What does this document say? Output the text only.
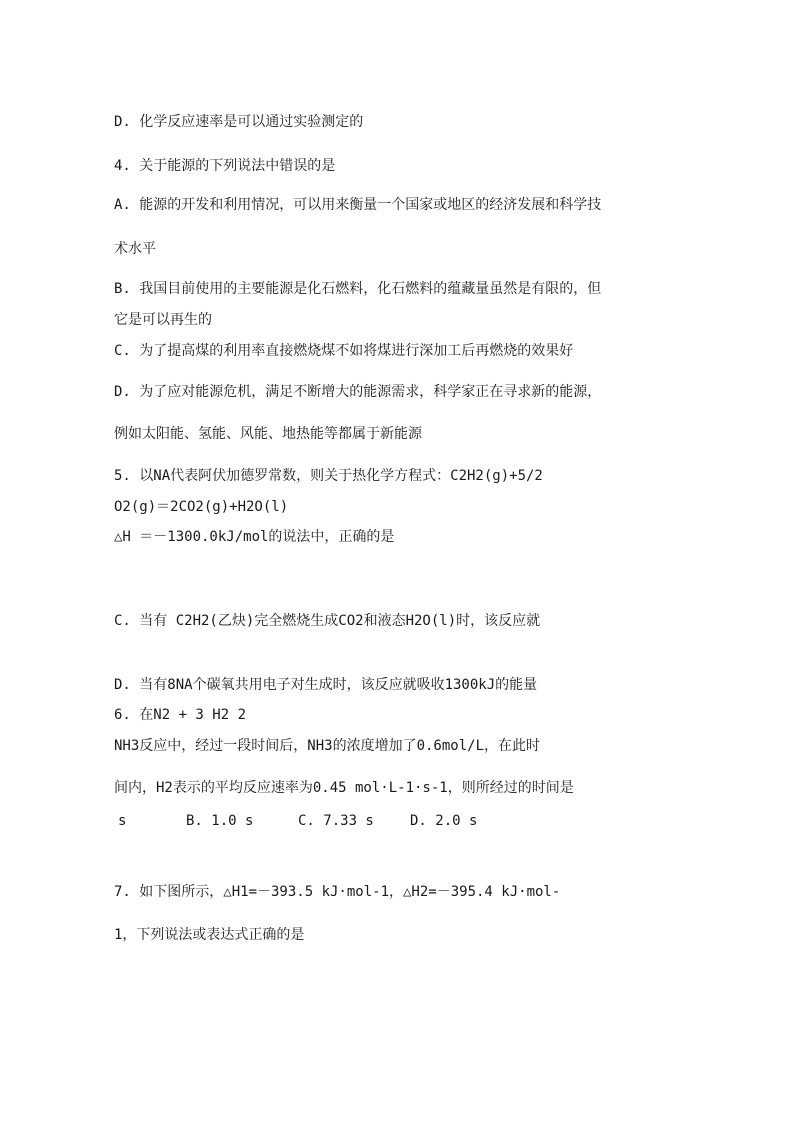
D. 化学反应速率是可以通过实验测定的
4. 关于能源的下列说法中错误的是
A. 能源的开发和利用情况，可以用来衡量一个国家或地区的经济发展和科学技
术水平
B. 我国目前使用的主要能源是化石燃料，化石燃料的蕴藏量虽然是有限的，但
它是可以再生的
C. 为了提高煤的利用率直接燃烧煤不如将煤进行深加工后再燃烧的效果好
D. 为了应对能源危机，满足不断增大的能源需求，科学家正在寻求新的能源，
例如太阳能、氢能、风能、地热能等都属于新能源
5. 以NA代表阿伏加德罗常数，则关于热化学方程式：C2H2(g)+5/2
O2(g)＝2CO2(g)+H2O(l)
△H ＝－1300.0kJ/mol的说法中，正确的是
C. 当有 C2H2(乙炔)完全燃烧生成CO2和液态H2O(l)时，该反应就
D. 当有8NA个碳氧共用电子对生成时，该反应就吸收1300kJ的能量
6. 在N2 + 3 H2 2
NH3反应中，经过一段时间后，NH3的浓度增加了0.6mol/L，在此时
间内，H2表示的平均反应速率为0.45 mol·L-1·s-1，则所经过的时间是
s	B. 1.0 s	C. 7.33 s	D. 2.0 s
7. 如下图所示，△H1=－393.5 kJ·mol-1，△H2=－395.4 kJ·mol-
1，下列说法或表达式正确的是
